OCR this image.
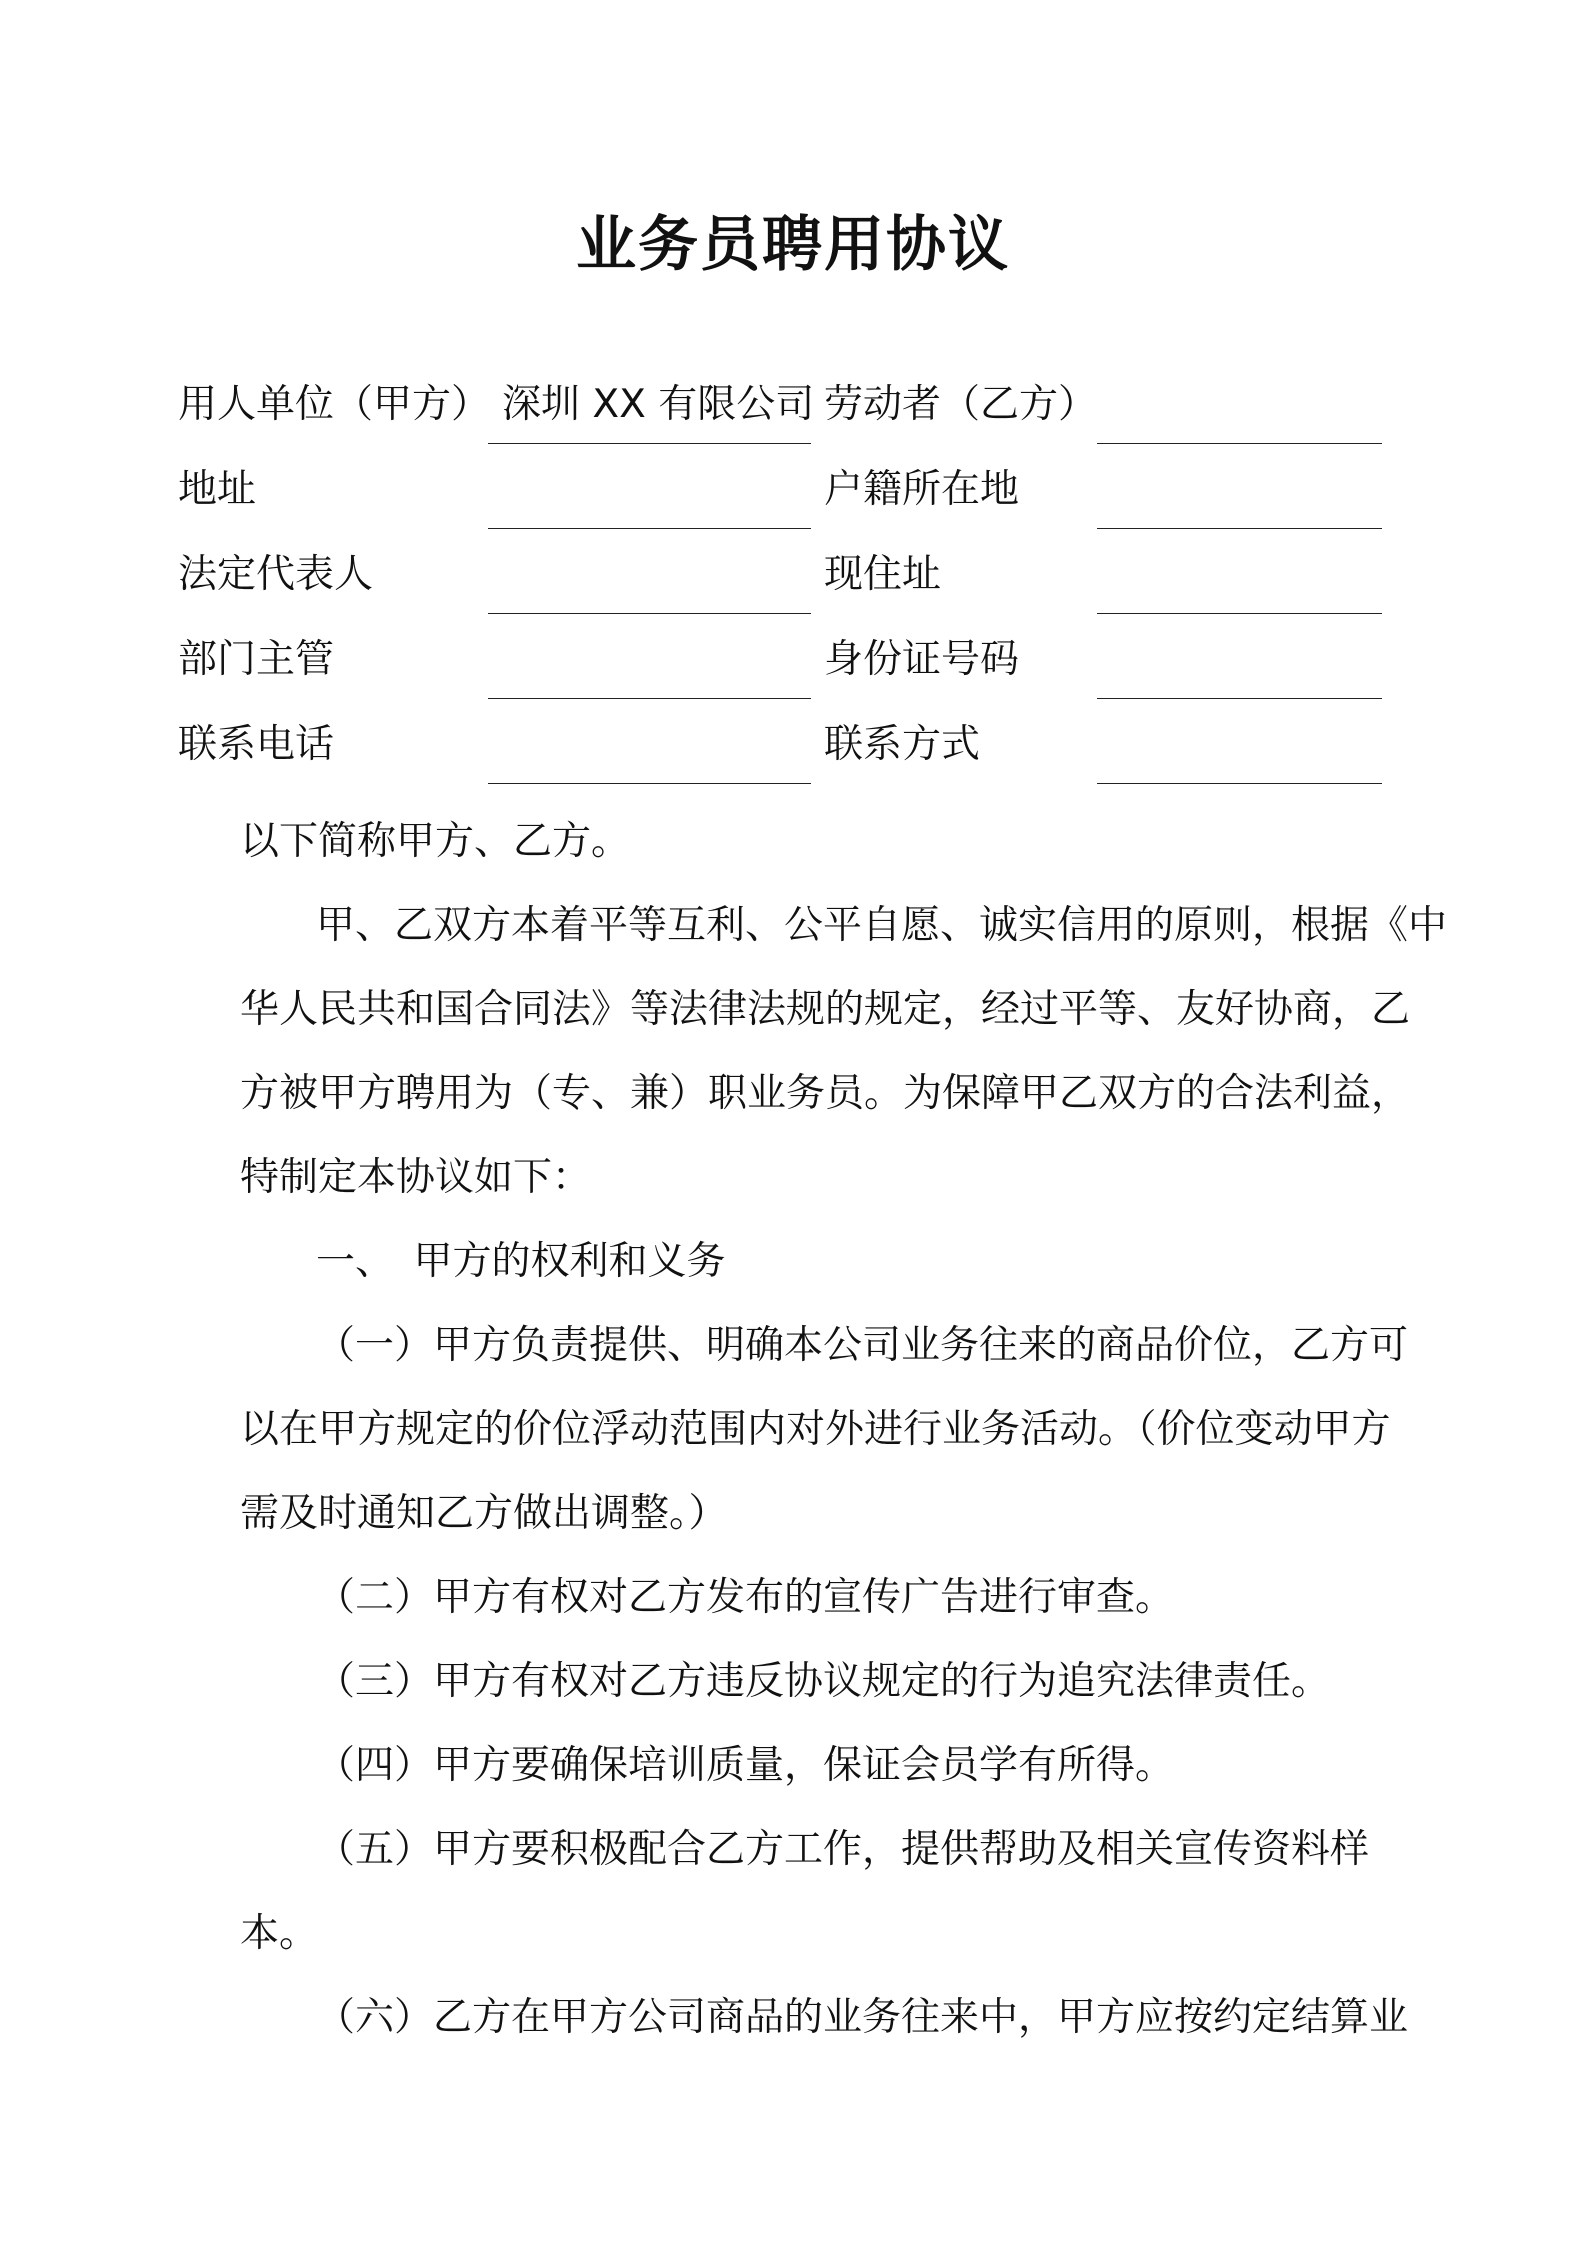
业务员聘用协议
用人单位（甲方） 深圳 XX 有限公司 劳动者（乙方）
地址	户籍所在地
法定代表人	现住址
部门主管	身份证号码
联系电话	联系方式

以下简称甲方、乙方。

甲、乙双方本着平等互利、公平自愿、诚实信用的原则，根据《中

华人民共和国合同法》等法律法规的规定，经过平等、友好协商，乙

方被甲方聘用为（专、兼）职业务员。为保障甲乙双方的合法利益，

特制定本协议如下：

一、　甲方的权利和义务

（一）甲方负责提供、明确本公司业务往来的商品价位，乙方可

以在甲方规定的价位浮动范围内对外进行业务活动。（价位变动甲方

需及时通知乙方做出调整。）

（二）甲方有权对乙方发布的宣传广告进行审查。

（三）甲方有权对乙方违反协议规定的行为追究法律责任。

（四）甲方要确保培训质量，保证会员学有所得。

（五）甲方要积极配合乙方工作，提供帮助及相关宣传资料样

本。

（六）乙方在甲方公司商品的业务往来中，甲方应按约定结算业
